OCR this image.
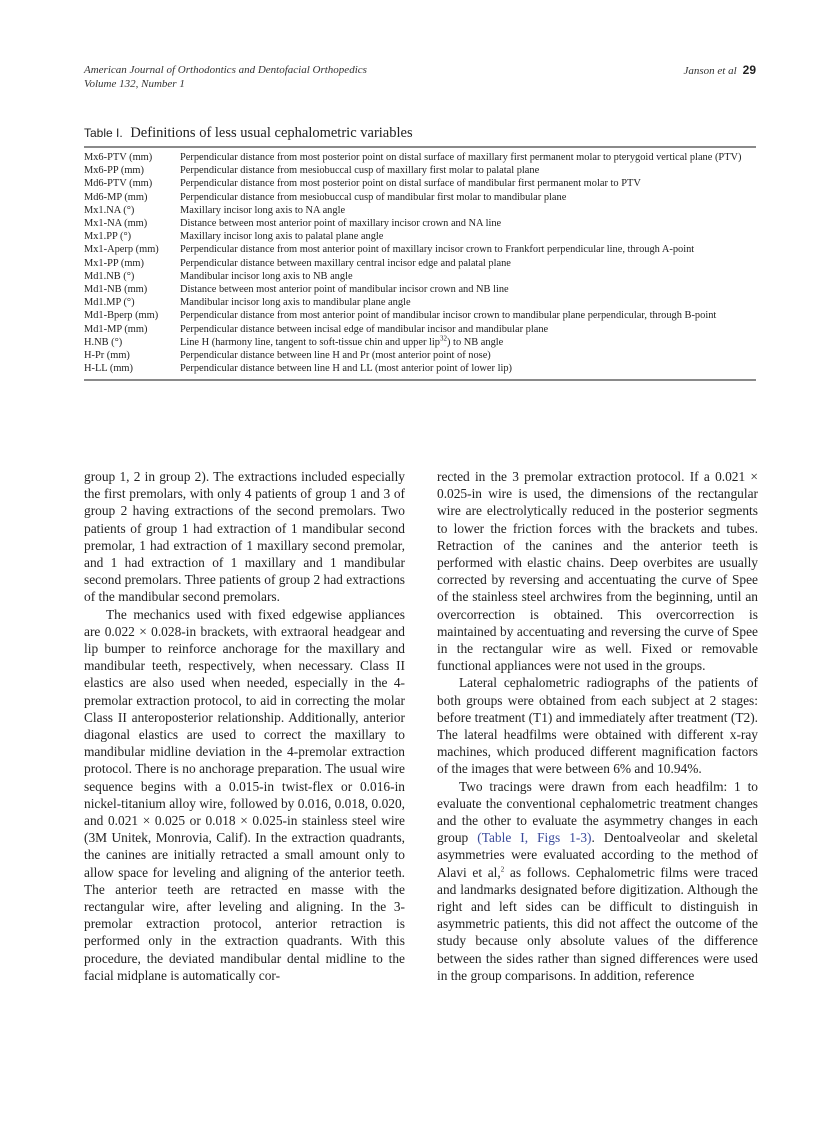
American Journal of Orthodontics and Dentofacial Orthopedics
Volume 132, Number 1
Janson et al 29
Table I. Definitions of less usual cephalometric variables
Mx6-PTV (mm)	Perpendicular distance from most posterior point on distal surface of maxillary first permanent molar to pterygoid vertical plane (PTV)

Mx6-PP (mm)	Perpendicular distance from mesiobuccal cusp of maxillary first molar to palatal plane

Md6-PTV (mm)	Perpendicular distance from most posterior point on distal surface of mandibular first permanent molar to PTV

Md6-MP (mm)	Perpendicular distance from mesiobuccal cusp of mandibular first molar to mandibular plane

Mx1.NA (°)	Maxillary incisor long axis to NA angle

Mx1-NA (mm)	Distance between most anterior point of maxillary incisor crown and NA line

Mx1.PP (°)	Maxillary incisor long axis to palatal plane angle

Mx1-Aperp (mm)	Perpendicular distance from most anterior point of maxillary incisor crown to Frankfort perpendicular line, through A-point

Mx1-PP (mm)	Perpendicular distance between maxillary central incisor edge and palatal plane

Md1.NB (°)	Mandibular incisor long axis to NB angle

Md1-NB (mm)	Distance between most anterior point of mandibular incisor crown and NB line

Md1.MP (°)	Mandibular incisor long axis to mandibular plane angle

Md1-Bperp (mm)	Perpendicular distance from most anterior point of mandibular incisor crown to mandibular plane perpendicular, through B-point

Md1-MP (mm)	Perpendicular distance between incisal edge of mandibular incisor and mandibular plane

H.NB (°)	Line H (harmony line, tangent to soft-tissue chin and upper lip$^{32}$) to NB angle

H-Pr (mm)	Perpendicular distance between line H and Pr (most anterior point of nose)

H-LL (mm)	Perpendicular distance between line H and LL (most anterior point of lower lip)

group 1, 2 in group 2). The extractions included especially the first premolars, with only 4 patients of group 1 and 3 of group 2 having extractions of the second premolars. Two patients of group 1 had extraction of 1 mandibular second premolar, 1 had extraction of 1 maxillary second premolar, and 1 had extraction of 1 maxillary and 1 mandibular second premolars. Three patients of group 2 had extractions of the mandibular second premolars.

The mechanics used with fixed edgewise appliances are 0.022 × 0.028-in brackets, with extraoral headgear and lip bumper to reinforce anchorage for the maxillary and mandibular teeth, respectively, when necessary. Class II elastics are also used when needed, especially in the 4-premolar extraction protocol, to aid in correcting the molar Class II anteroposterior relationship. Additionally, anterior diagonal elastics are used to correct the maxillary to mandibular midline deviation in the 4-premolar extraction protocol. There is no anchorage preparation. The usual wire sequence begins with a 0.015-in twist-flex or 0.016-in nickel-titanium alloy wire, followed by 0.016, 0.018, 0.020, and 0.021 × 0.025 or 0.018 × 0.025-in stainless steel wire (3M Unitek, Monrovia, Calif). In the extraction quadrants, the canines are initially retracted a small amount only to allow space for leveling and aligning of the anterior teeth. The anterior teeth are retracted en masse with the rectangular wire, after leveling and aligning. In the 3-premolar extraction protocol, anterior retraction is performed only in the extraction quadrants. With this procedure, the deviated mandibular dental midline to the facial midplane is automatically cor-

rected in the 3 premolar extraction protocol. If a 0.021 × 0.025-in wire is used, the dimensions of the rectangular wire are electrolytically reduced in the posterior segments to lower the friction forces with the brackets and tubes. Retraction of the canines and the anterior teeth is performed with elastic chains. Deep overbites are usually corrected by reversing and accentuating the curve of Spee of the stainless steel archwires from the beginning, until an overcorrection is obtained. This overcorrection is maintained by accentuating and reversing the curve of Spee in the rectangular wire as well. Fixed or removable functional appliances were not used in the groups.

Lateral cephalometric radiographs of the patients of both groups were obtained from each subject at 2 stages: before treatment (T1) and immediately after treatment (T2). The lateral headfilms were obtained with different x-ray machines, which produced different magnification factors of the images that were between 6% and 10.94%.

Two tracings were drawn from each headfilm: 1 to evaluate the conventional cephalometric treatment changes and the other to evaluate the asymmetry changes in each group (Table I, Figs 1-3). Dentoalveolar and skeletal asymmetries were evaluated according to the method of Alavi et al,$^2$ as follows. Cephalometric films were traced and landmarks designated before digitization. Although the right and left sides can be difficult to distinguish in asymmetric patients, this did not affect the outcome of the study because only absolute values of the difference between the sides rather than signed differences were used in the group comparisons. In addition, reference
